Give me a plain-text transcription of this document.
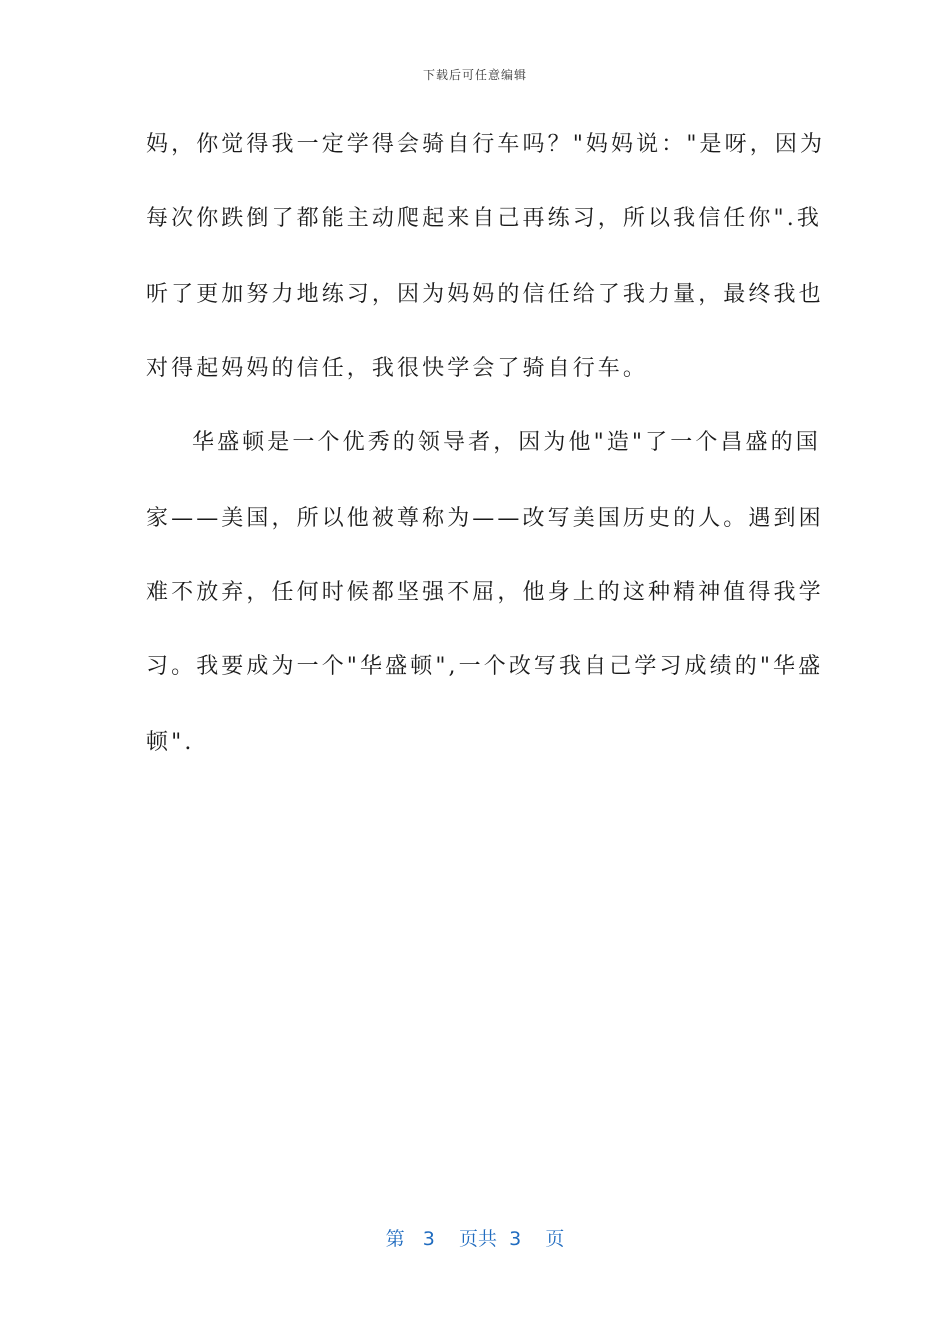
下载后可任意编辑
妈，你觉得我一定学得会骑自行车吗？"妈妈说："是呀，因为
每次你跌倒了都能主动爬起来自己再练习，所以我信任你".我
听了更加努力地练习，因为妈妈的信任给了我力量，最终我也
对得起妈妈的信任，我很快学会了骑自行车。
华盛顿是一个优秀的领导者，因为他"造"了一个昌盛的国
家——美国，所以他被尊称为——改写美国历史的人。遇到困
难不放弃，任何时候都坚强不屈，他身上的这种精神值得我学
习。我要成为一个"华盛顿",一个改写我自己学习成绩的"华盛
顿".
第 3 页共 3 页
